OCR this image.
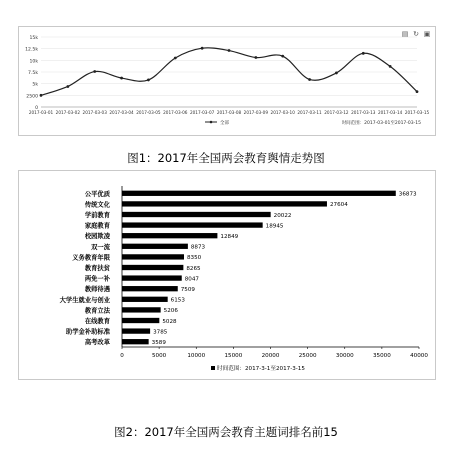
▤ ↻ ▣
0
2500
5k
7.5k
10k
12.5k
15k
2017-03-01 2017-03-02 2017-03-03 2017-03-04 2017-03-05 2017-03-06 2017-03-07 2017-03-08 2017-03-09 2017-03-10 2017-03-11 2017-03-12 2017-03-13 2017-03-14 2017-03-15
全部	时间范围：2017-03-01至2017-03-15
图1：2017年全国两会教育舆情走势图
公平优质	36873
传统文化	27604
学前教育	20022
家庭教育	18945
校园欺凌	12849
双一流	8873
义务教育年限	8350
教育扶贫	8265
两免一补	8047
教师待遇	7509
大学生就业与创业	6153
教育立法	5206
在线教育	5028
助学金补助标准	3785
高考改革	3589
0	5000	10000	15000	20000	25000	30000	35000	40000
时间范围：2017-3-1至2017-3-15
图2：2017年全国两会教育主题词排名前15
